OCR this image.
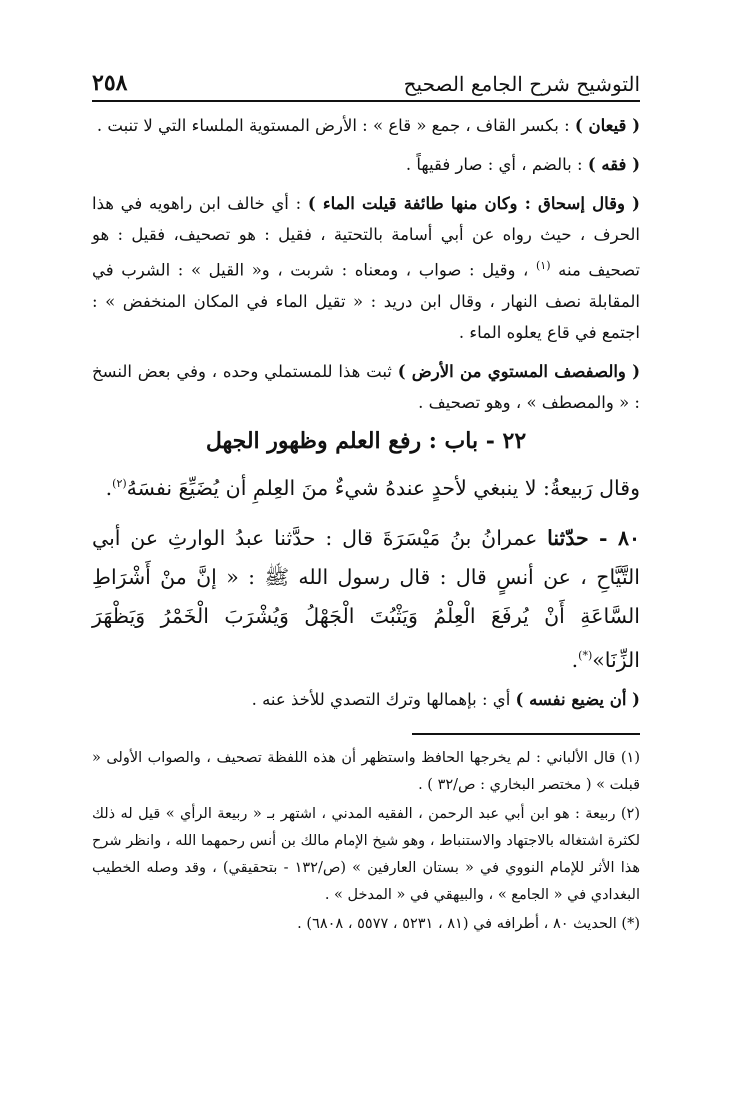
التوشيح شرح الجامع الصحيح
٢٥٨

( قيعان ) : بكسر القاف ، جمع « قاع » : الأرض المستوية الملساء التي لا تنبت .

( فقه ) : بالضم ، أي : صار فقيهاً .

( وقال إسحاق : وكان منها طائفة قيلت الماء ) : أي خالف ابن راهويه في هذا الحرف ، حيث رواه عن أبي أسامة بالتحتية ، فقيل : هو تصحيف، فقيل : هو تصحيف منه $^{(١)}$ ، وقيل : صواب ، ومعناه : شربت ، و« القيل » : الشرب في المقابلة نصف النهار ، وقال ابن دريد : « تقيل الماء في المكان المنخفض » : اجتمع في قاع يعلوه الماء .

( والصفصف المستوي من الأرض ) ثبت هذا للمستملي وحده ، وفي بعض النسخ : « والمصطف » ، وهو تصحيف .

٢٢ - باب : رفع العلم وظهور الجهل

وقال رَبيعةُ: لا ينبغي لأحدٍ عندهُ شيءٌ منَ العِلمِ أن يُضَيِّعَ نفسَهُ$^{(٢)}$.

٨٠ - حدّثنا عمرانُ بنُ مَيْسَرَةَ قال : حدَّثنا عبدُ الوارثِ عن أبي التَّيَّاحِ ، عن أنسٍ قال : قال رسول الله ﷺ : « إنَّ منْ أَشْرَاطِ السَّاعَةِ أَنْ يُرفَعَ الْعِلْمُ وَيَثْبُتَ الْجَهْلُ وَيُشْرَبَ الْخَمْرُ وَيَظْهَرَ الزِّنَا»(*).

( أن يضيع نفسه ) أي : بإهمالها وترك التصدي للأخذ عنه .

(١) قال الألباني : لم يخرجها الحافظ واستظهر أن هذه اللفظة تصحيف ، والصواب الأولى « قبلت » ( مختصر البخاري : ص/٣٢ ) .

(٢) ربيعة : هو ابن أبي عبد الرحمن ، الفقيه المدني ، اشتهر بـ « ربيعة الرأي » قيل له ذلك لكثرة اشتغاله بالاجتهاد والاستنباط ، وهو شيخ الإمام مالك بن أنس رحمهما الله ، وانظر شرح هذا الأثر للإمام النووي في « بستان العارفين » (ص/١٣٢ - بتحقيقي) ، وقد وصله الخطيب البغدادي في « الجامع » ، والبيهقي في « المدخل » .

(*) الحديث ٨٠ ، أطرافه في (٨١ ، ٥٢٣١ ، ٥٥٧٧ ، ٦٨٠٨) .
